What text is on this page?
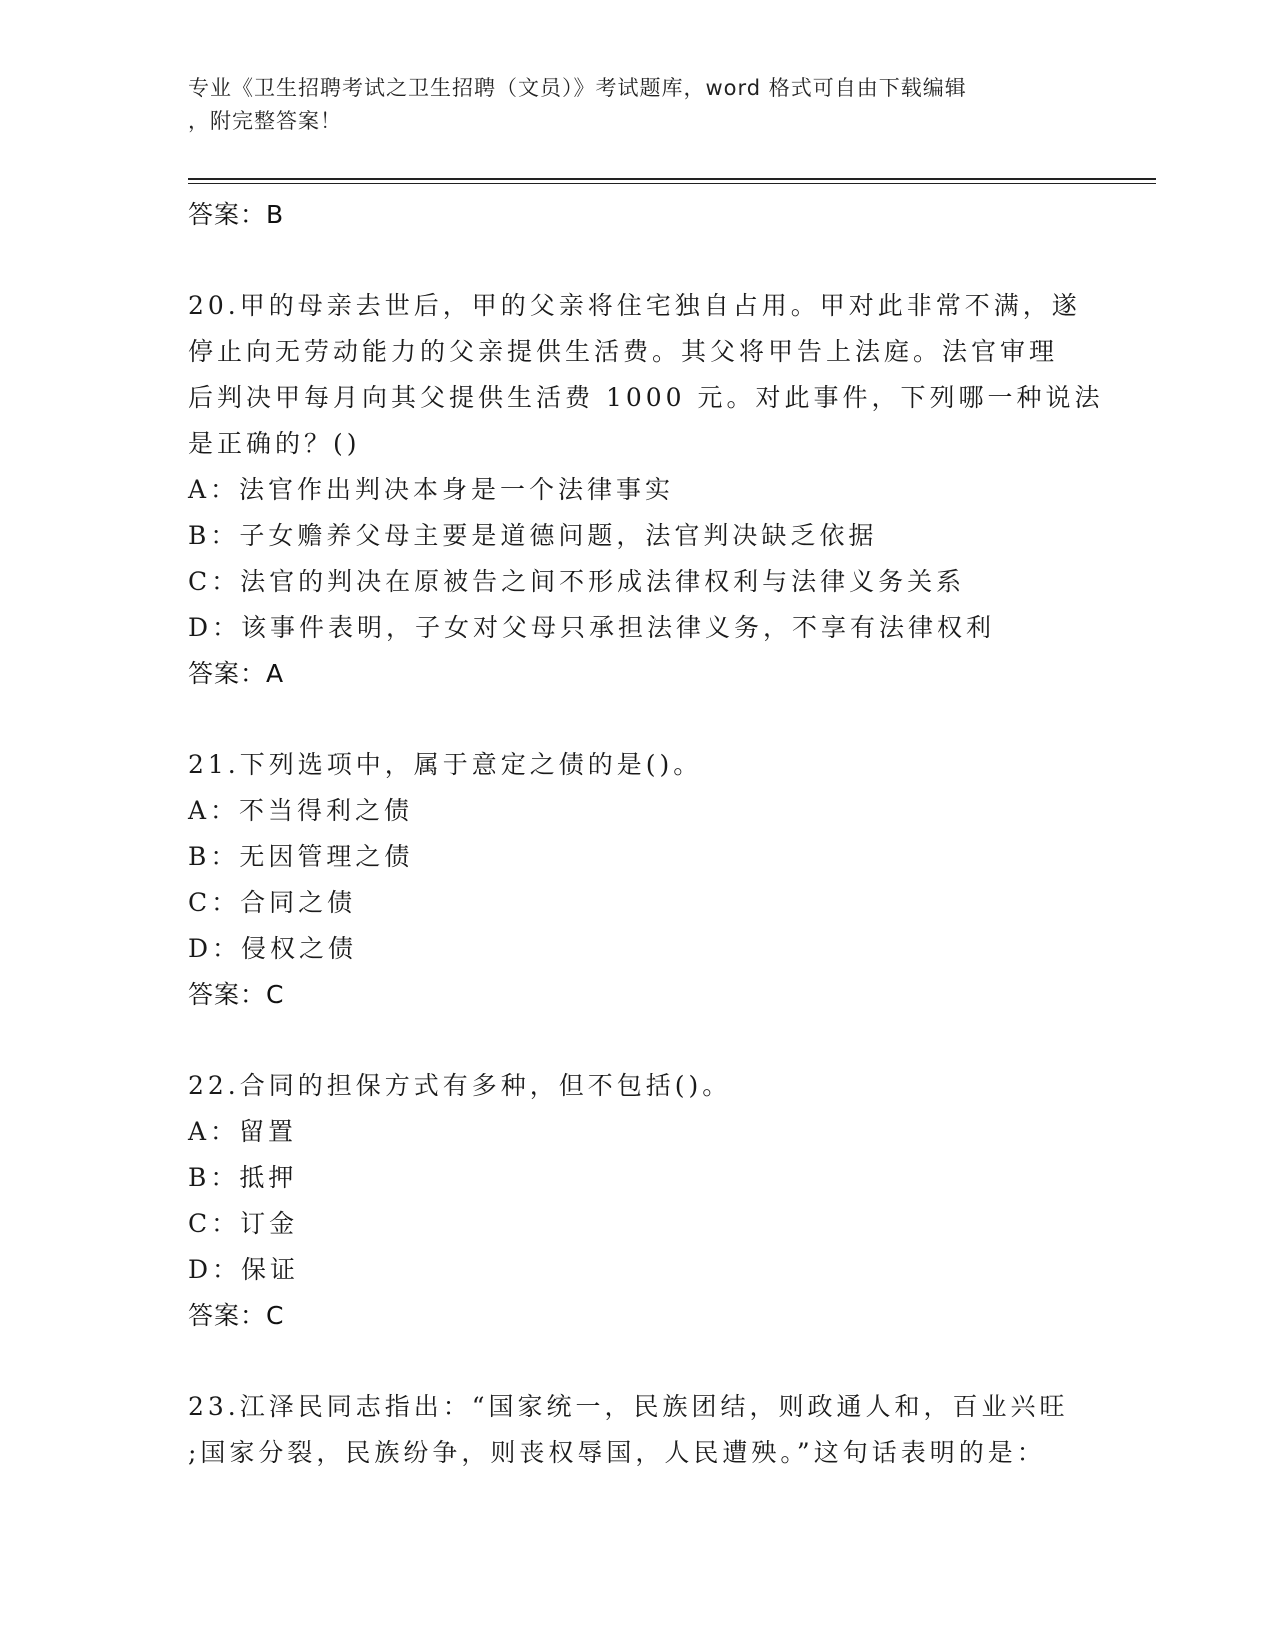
专业《卫生招聘考试之卫生招聘（文员）》考试题库，word 格式可自由下载编辑
，附完整答案！
答案：B
20.甲的母亲去世后，甲的父亲将住宅独自占用。甲对此非常不满，遂
停止向无劳动能力的父亲提供生活费。其父将甲告上法庭。法官审理
后判决甲每月向其父提供生活费 1000 元。对此事件，下列哪一种说法
是正确的？()
A：法官作出判决本身是一个法律事实
B：子女赡养父母主要是道德问题，法官判决缺乏依据
C：法官的判决在原被告之间不形成法律权利与法律义务关系
D：该事件表明，子女对父母只承担法律义务，不享有法律权利
答案：A
21.下列选项中，属于意定之债的是()。
A：不当得利之债
B：无因管理之债
C：合同之债
D：侵权之债
答案：C
22.合同的担保方式有多种，但不包括()。
A：留置
B：抵押
C：订金
D：保证
答案：C
23.江泽民同志指出：“国家统一，民族团结，则政通人和，百业兴旺
;国家分裂，民族纷争，则丧权辱国，人民遭殃。”这句话表明的是：
